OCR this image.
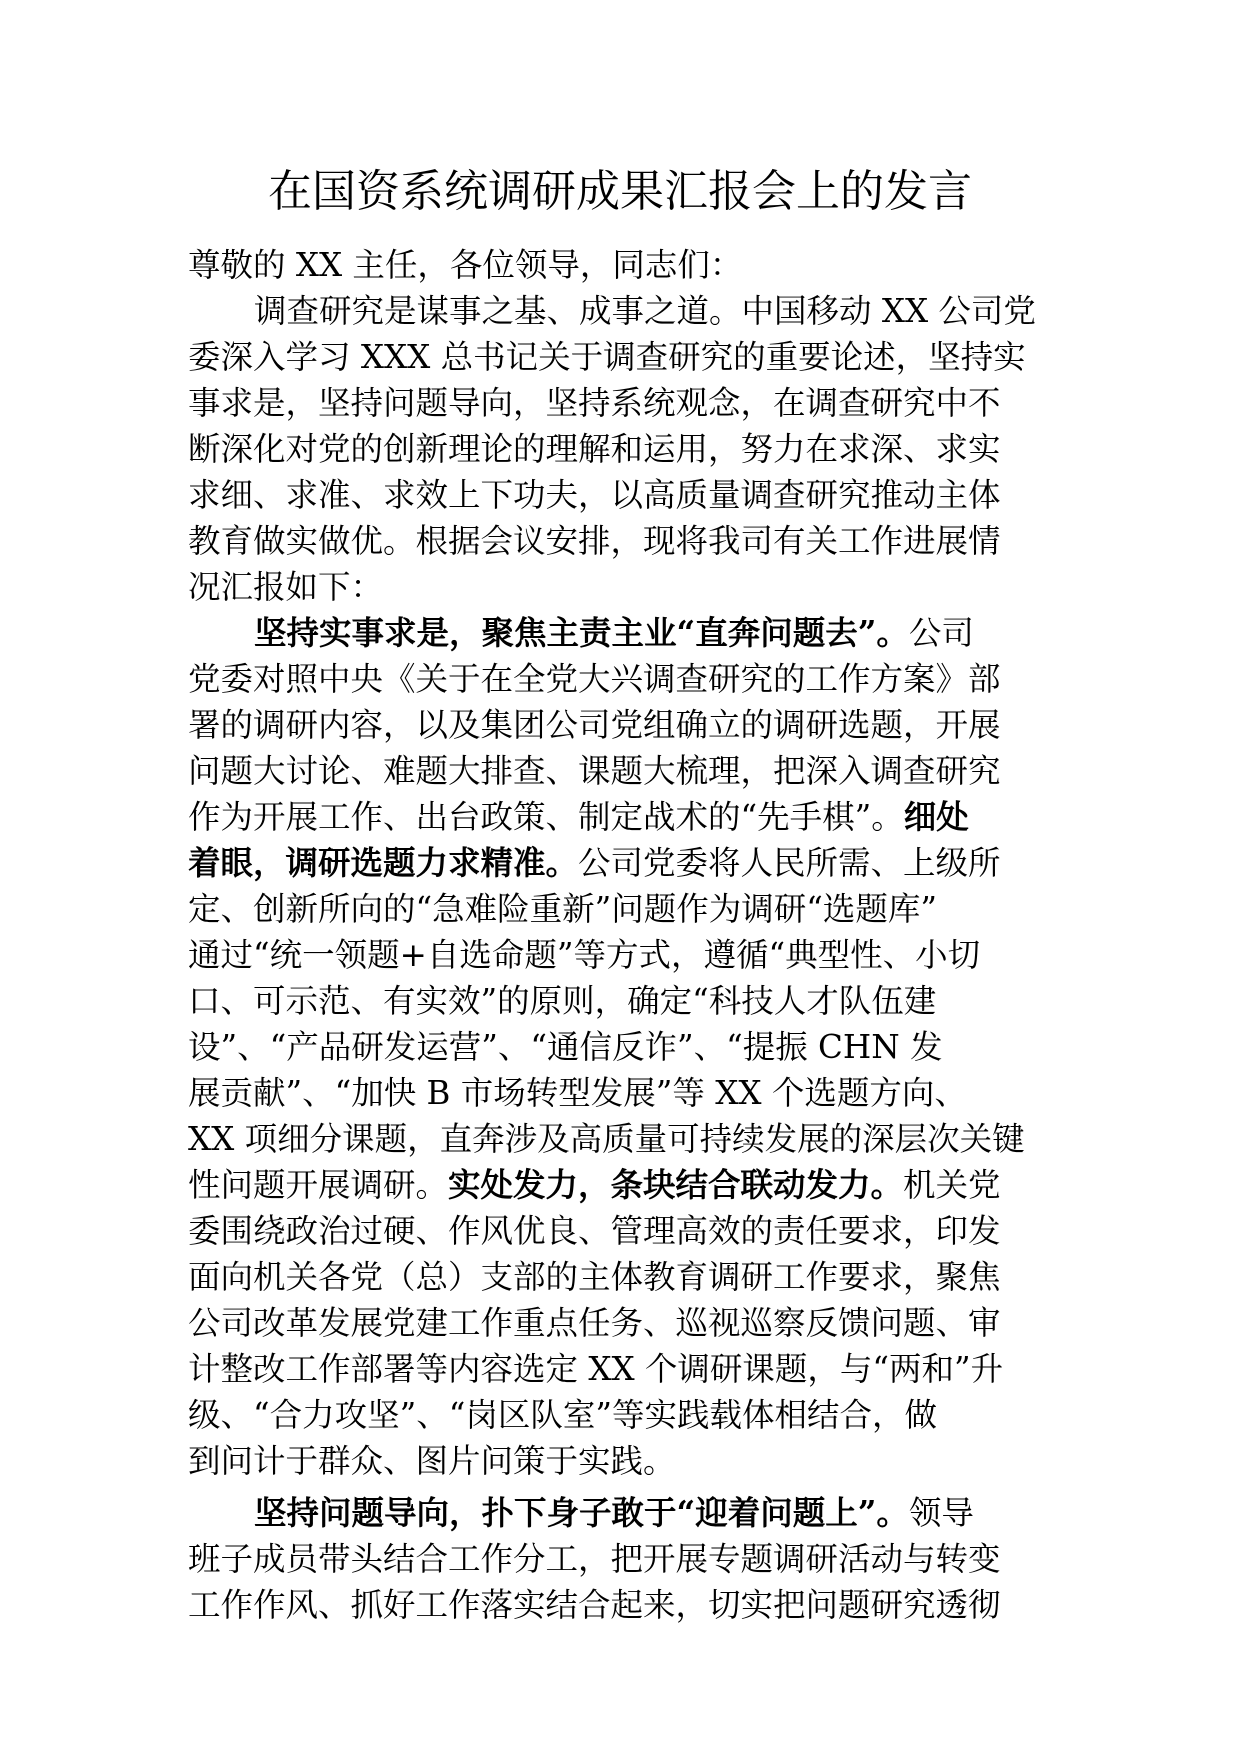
在国资系统调研成果汇报会上的发言
尊敬的 XX 主任，各位领导，同志们：
调查研究是谋事之基、成事之道。中国移动 XX 公司党
委深入学习 XXX 总书记关于调查研究的重要论述，坚持实
事求是，坚持问题导向，坚持系统观念，在调查研究中不
断深化对党的创新理论的理解和运用，努力在求深、求实
求细、求准、求效上下功夫，以高质量调查研究推动主体
教育做实做优。根据会议安排，现将我司有关工作进展情
况汇报如下：
坚持实事求是，聚焦主责主业“直奔问题去”。公司
党委对照中央《关于在全党大兴调查研究的工作方案》部
署的调研内容，以及集团公司党组确立的调研选题，开展
问题大讨论、难题大排查、课题大梳理，把深入调查研究
作为开展工作、出台政策、制定战术的“先手棋”。细处
着眼，调研选题力求精准。公司党委将人民所需、上级所
定、创新所向的“急难险重新”问题作为调研“选题库”
通过“统一领题+自选命题”等方式，遵循“典型性、小切
口、可示范、有实效”的原则，确定“科技人才队伍建
设”、“产品研发运营”、“通信反诈”、“提振 CHN 发
展贡献”、“加快 B 市场转型发展”等 XX 个选题方向、
XX 项细分课题，直奔涉及高质量可持续发展的深层次关键
性问题开展调研。实处发力，条块结合联动发力。机关党
委围绕政治过硬、作风优良、管理高效的责任要求，印发
面向机关各党（总）支部的主体教育调研工作要求，聚焦
公司改革发展党建工作重点任务、巡视巡察反馈问题、审
计整改工作部署等内容选定 XX 个调研课题，与“两和”升
级、“合力攻坚”、“岗区队室”等实践载体相结合，做
到问计于群众、图片问策于实践。
坚持问题导向，扑下身子敢于“迎着问题上”。领导
班子成员带头结合工作分工，把开展专题调研活动与转变
工作作风、抓好工作落实结合起来，切实把问题研究透彻
